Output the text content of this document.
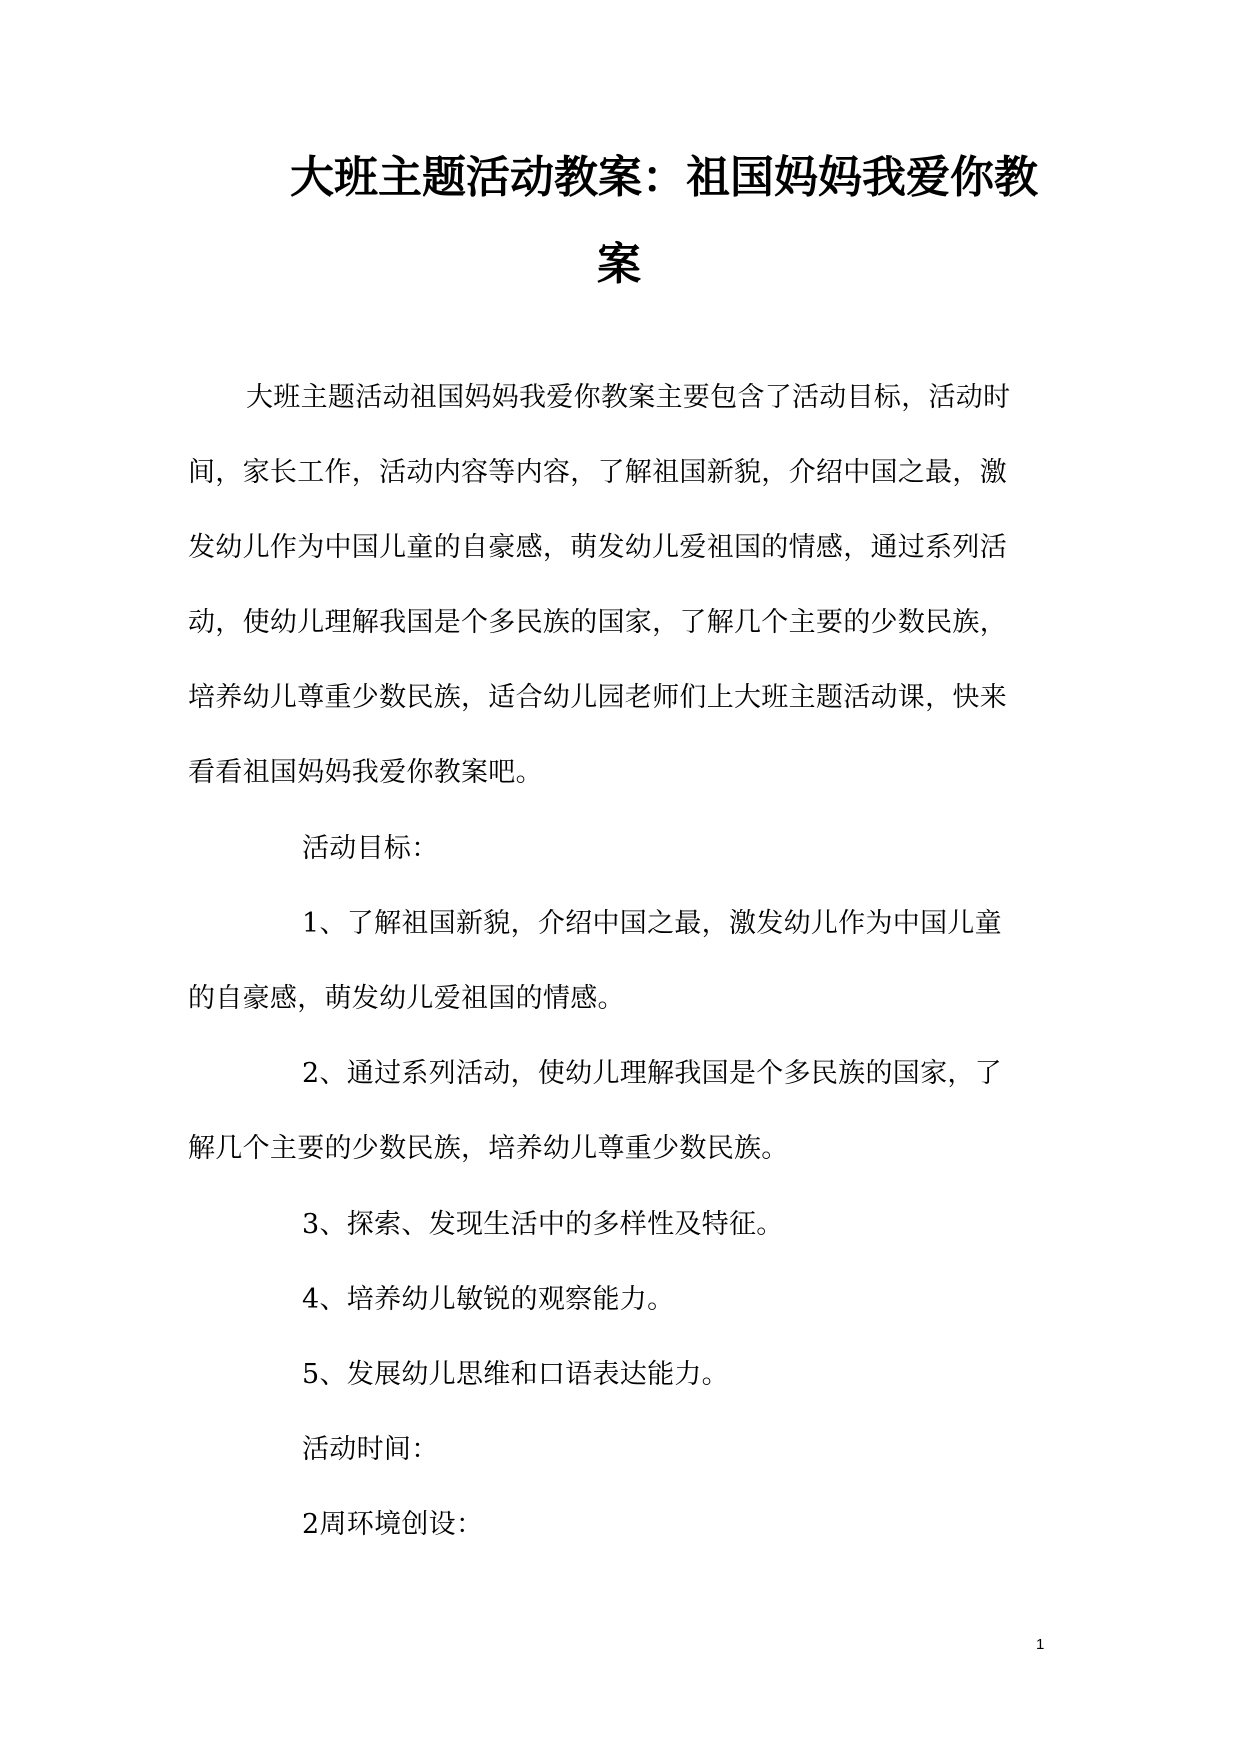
大班主题活动教案：祖国妈妈我爱你教
案
大班主题活动祖国妈妈我爱你教案主要包含了活动目标，活动时
间，家长工作，活动内容等内容，了解祖国新貌，介绍中国之最，激
发幼儿作为中国儿童的自豪感，萌发幼儿爱祖国的情感，通过系列活
动，使幼儿理解我国是个多民族的国家，了解几个主要的少数民族，
培养幼儿尊重少数民族，适合幼儿园老师们上大班主题活动课，快来
看看祖国妈妈我爱你教案吧。
活动目标：
1、了解祖国新貌，介绍中国之最，激发幼儿作为中国儿童
的自豪感，萌发幼儿爱祖国的情感。
2、通过系列活动，使幼儿理解我国是个多民族的国家，了
解几个主要的少数民族，培养幼儿尊重少数民族。
3、探索、发现生活中的多样性及特征。
4、培养幼儿敏锐的观察能力。
5、发展幼儿思维和口语表达能力。
活动时间：
2周环境创设：
1
